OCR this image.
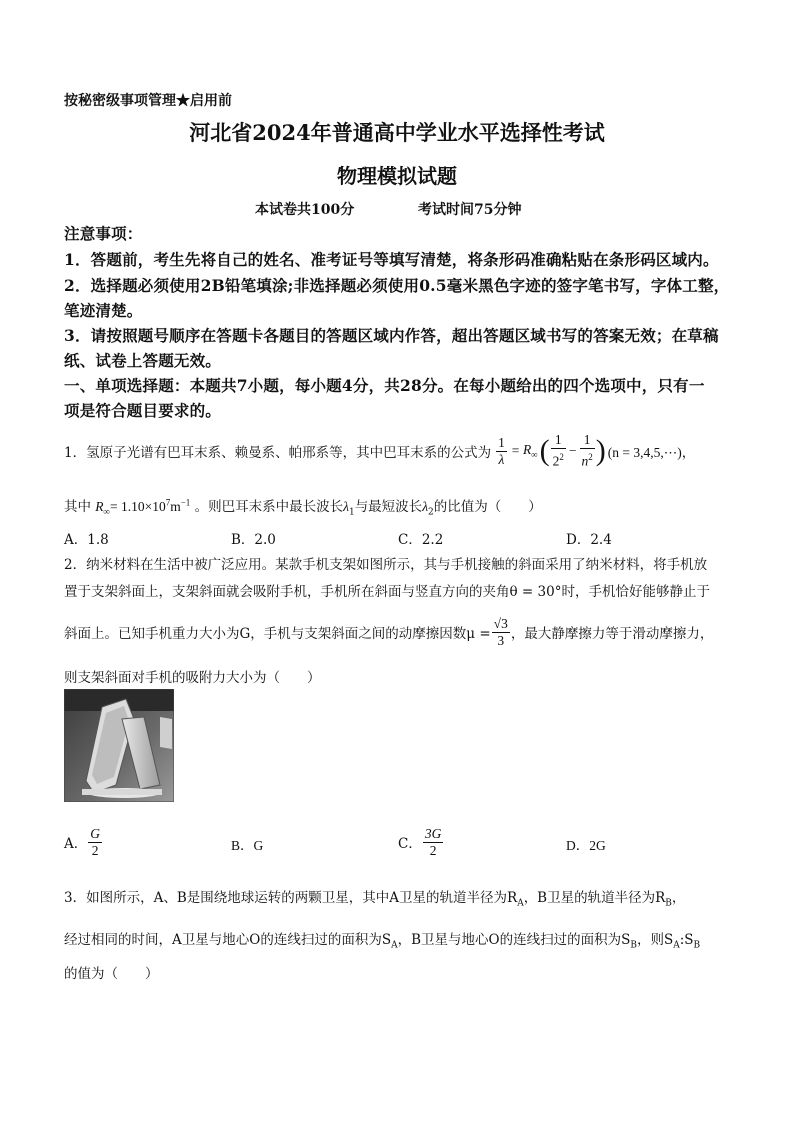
按秘密级事项管理★启用前
河北省2024年普通高中学业水平选择性考试
物理模拟试题
本试卷共100分	考试时间75分钟
注意事项：
1．答题前，考生先将自己的姓名、准考证号等填写清楚，将条形码准确粘贴在条形码区域内。
2．选择题必须使用2B铅笔填涂;非选择题必须使用0.5毫米黑色字迹的签字笔书写，字体工整，
笔迹清楚。
3．请按照题号顺序在答题卡各题目的答题区域内作答，超出答题区域书写的答案无效；在草稿
纸、试卷上答题无效。
一、单项选择题：本题共7小题，每小题4分，共28分。在每小题给出的四个选项中，只有一
项是符合题目要求的。
1．氢原子光谱有巴耳末系、赖曼系、帕邢系等，其中巴耳末系的公式为 $\frac{1}{\lambda} = R_\infty$ ( $\frac{1}{2^2} - \frac{1}{n^2}$ ) (n = 3,4,5,⋯)，
其中 $R_\infty= 1.10\times 10^7m^{-1}$ 。则巴耳末系中最长波长$\lambda_1$与最短波长$\lambda_2$的比值为（　　）
A．1.8	B．2.0	C．2.2	D．2.4
2．纳米材料在生活中被广泛应用。某款手机支架如图所示，其与手机接触的斜面采用了纳米材料，将手机放
置于支架斜面上，支架斜面就会吸附手机，手机所在斜面与竖直方向的夹角θ = 30°时，手机恰好能够静止于
斜面上。已知手机重力大小为G，手机与支架斜面之间的动摩擦因数$\mu = \frac{√3}{3}$ ，最大静摩擦力等于滑动摩擦力，
则支架斜面对手机的吸附力大小为（　　）
A． $\frac{G}{2}$	B．G	C． $\frac{3G}{2}$	D．2G
3．如图所示，A、B是围绕地球运转的两颗卫星，其中A卫星的轨道半径为$R_A$，B卫星的轨道半径为$R_B$，
经过相同的时间，A卫星与地心O的连线扫过的面积为$S_A$，B卫星与地心O的连线扫过的面积为$S_B$，则$S_A:S_B$
的值为（　　）
